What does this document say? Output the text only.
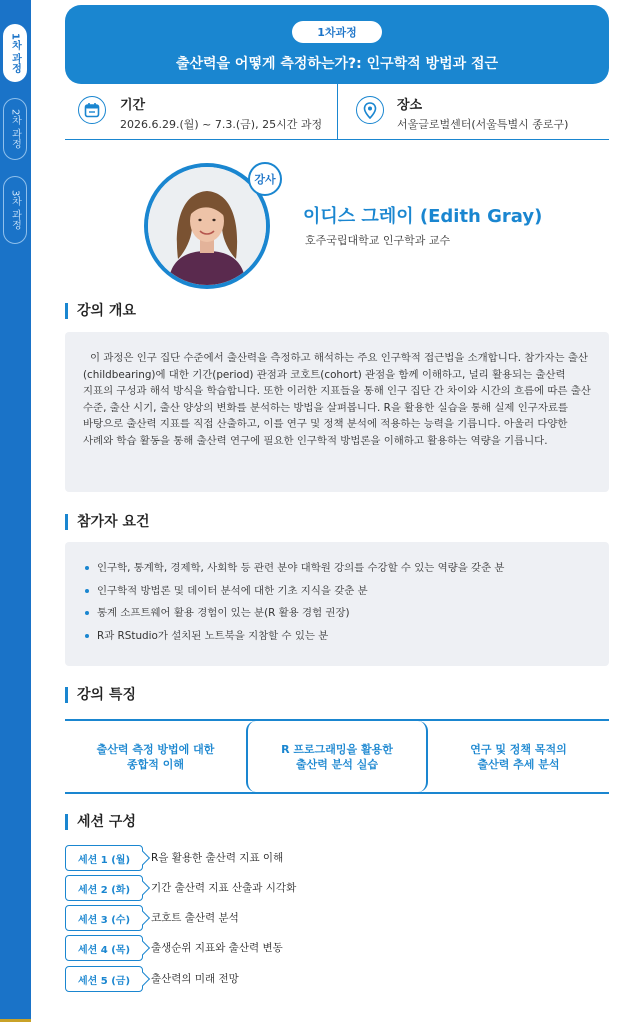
1차 과정
2차 과정
3차 과정
1차과정
출산력을 어떻게 측정하는가?: 인구학적 방법과 접근
기간
2026.6.29.(월) ~ 7.3.(금), 25시간 과정
장소
서울글로벌센터(서울특별시 종로구)
강사
이디스 그레이 (Edith Gray)
호주국립대학교 인구학과 교수
강의 개요

이 과정은 인구 집단 수준에서 출산력을 측정하고 해석하는 주요 인구학적 접근법을 소개합니다. 참가자는 출산(childbearing)에 대한 기간(period) 관점과 코호트(cohort) 관점을 함께 이해하고, 널리 활용되는 출산력 지표의 구성과 해석 방식을 학습합니다. 또한 이러한 지표들을 통해 인구 집단 간 차이와 시간의 흐름에 따른 출산 수준, 출산 시기, 출산 양상의 변화를 분석하는 방법을 살펴봅니다. R을 활용한 실습을 통해 실제 인구자료를 바탕으로 출산력 지표를 직접 산출하고, 이를 연구 및 정책 분석에 적용하는 능력을 기릅니다. 아울러 다양한 사례와 학습 활동을 통해 출산력 연구에 필요한 인구학적 방법론을 이해하고 활용하는 역량을 기릅니다.

참가자 요건
인구학, 통계학, 경제학, 사회학 등 관련 분야 대학원 강의를 수강할 수 있는 역량을 갖춘 분
인구학적 방법론 및 데이터 분석에 대한 기초 지식을 갖춘 분
통계 소프트웨어 활용 경험이 있는 분(R 활용 경험 권장)
R과 RStudio가 설치된 노트북을 지참할 수 있는 분
강의 특징
출산력 측정 방법에 대한
종합적 이해
R 프로그래밍을 활용한
출산력 분석 실습
연구 및 정책 목적의
출산력 추세 분석
세션 구성
세션 1 (월)	R을 활용한 출산력 지표 이해
세션 2 (화)	기간 출산력 지표 산출과 시각화
세션 3 (수)	코호트 출산력 분석
세션 4 (목)	출생순위 지표와 출산력 변동
세션 5 (금)	출산력의 미래 전망
